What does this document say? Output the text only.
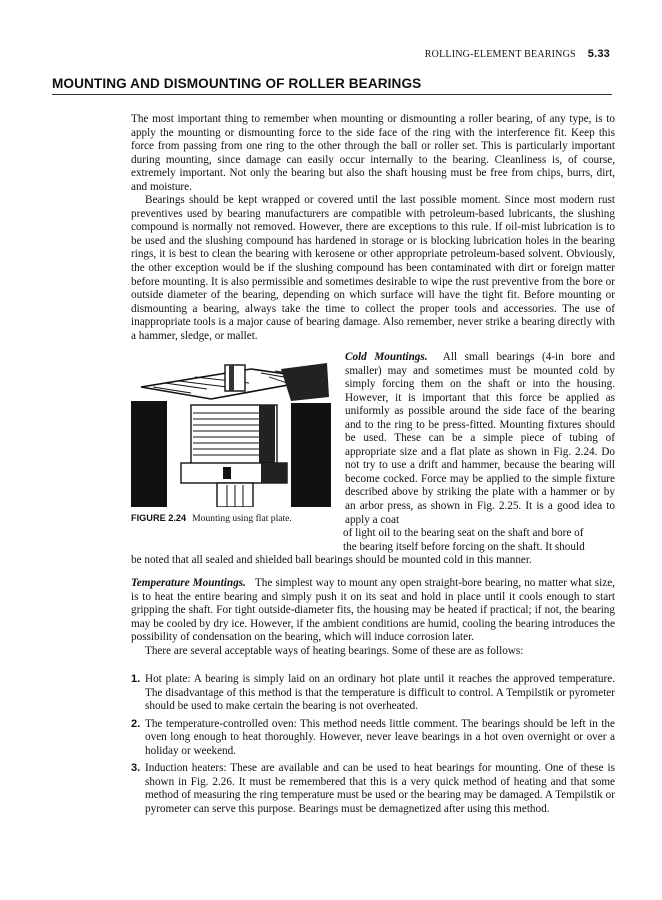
ROLLING-ELEMENT BEARINGS 5.33
MOUNTING AND DISMOUNTING OF ROLLER BEARINGS

The most important thing to remember when mounting or dismounting a roller bearing, of any type, is to apply the mounting or dismounting force to the side face of the ring with the interference fit. Keep this force from passing from one ring to the other through the ball or roller set. This is particularly important during mounting, since damage can easily occur internally to the bearing. Cleanliness is, of course, extremely important. Not only the bearing but also the shaft housing must be free from chips, burrs, dirt, and moisture.

Bearings should be kept wrapped or covered until the last possible moment. Since most modern rust preventives used by bearing manufacturers are compatible with petroleum-based lubricants, the slushing compound is normally not removed. However, there are exceptions to this rule. If oil-mist lubrication is to be used and the slushing compound has hardened in storage or is blocking lubrication holes in the bearing rings, it is best to clean the bearing with kerosene or other appropriate petroleum-based solvent. Obviously, the other exception would be if the slushing compound has been contaminated with dirt or foreign matter before mounting. It is also permissible and sometimes desirable to wipe the rust preventive from the bore or outside diameter of the bearing, depending on which surface will have the tight fit. Before mounting or dismounting a bearing, always take the time to collect the proper tools and accessories. The use of inappropriate tools is a major cause of bearing damage. Also remember, never strike a bearing directly with a hammer, sledge, or mallet.

FIGURE 2.24 Mounting using flat plate.
Cold Mountings. All small bearings (4-in bore and smaller) may and sometimes must be mounted cold by simply forcing them on the shaft or into the housing. However, it is important that this force be applied as uniformly as possible around the side face of the bearing and to the ring to be press-fitted. Mounting fixtures should be used. These can be a simple piece of tubing of appropriate size and a flat plate as shown in Fig. 2.24. Do not try to use a drift and hammer, because the bearing will become cocked. Force may be applied to the simple fixture described above by striking the plate with a hammer or by an arbor press, as shown in Fig. 2.25. It is a good idea to apply a coat
of light oil to the bearing seat on the shaft and bore of
the bearing itself before forcing on the shaft. It should
be noted that all sealed and shielded ball bearings should be mounted cold in this manner.

Temperature Mountings. The simplest way to mount any open straight-bore bearing, no matter what size, is to heat the entire bearing and simply push it on its seat and hold in place until it cools enough to start gripping the shaft. For tight outside-diameter fits, the housing may be heated if practical; if not, the bearing may be cooled by dry ice. However, if the ambient conditions are humid, cooling the bearing introduces the possibility of condensation on the bearing, which will induce corrosion later.

There are several acceptable ways of heating bearings. Some of these are as follows:

1. Hot plate: A bearing is simply laid on an ordinary hot plate until it reaches the approved temperature. The disadvantage of this method is that the temperature is difficult to control. A Tempilstik or pyrometer should be used to make certain the bearing is not overheated.
2. The temperature-controlled oven: This method needs little comment. The bearings should be left in the oven long enough to heat thoroughly. However, never leave bearings in a hot oven overnight or over a holiday or weekend.
3. Induction heaters: These are available and can be used to heat bearings for mounting. One of these is shown in Fig. 2.26. It must be remembered that this is a very quick method of heating and that some method of measuring the ring temperature must be used or the bearing may be damaged. A Tempilstik or pyrometer can serve this purpose. Bearings must be demagnetized after using this method.
